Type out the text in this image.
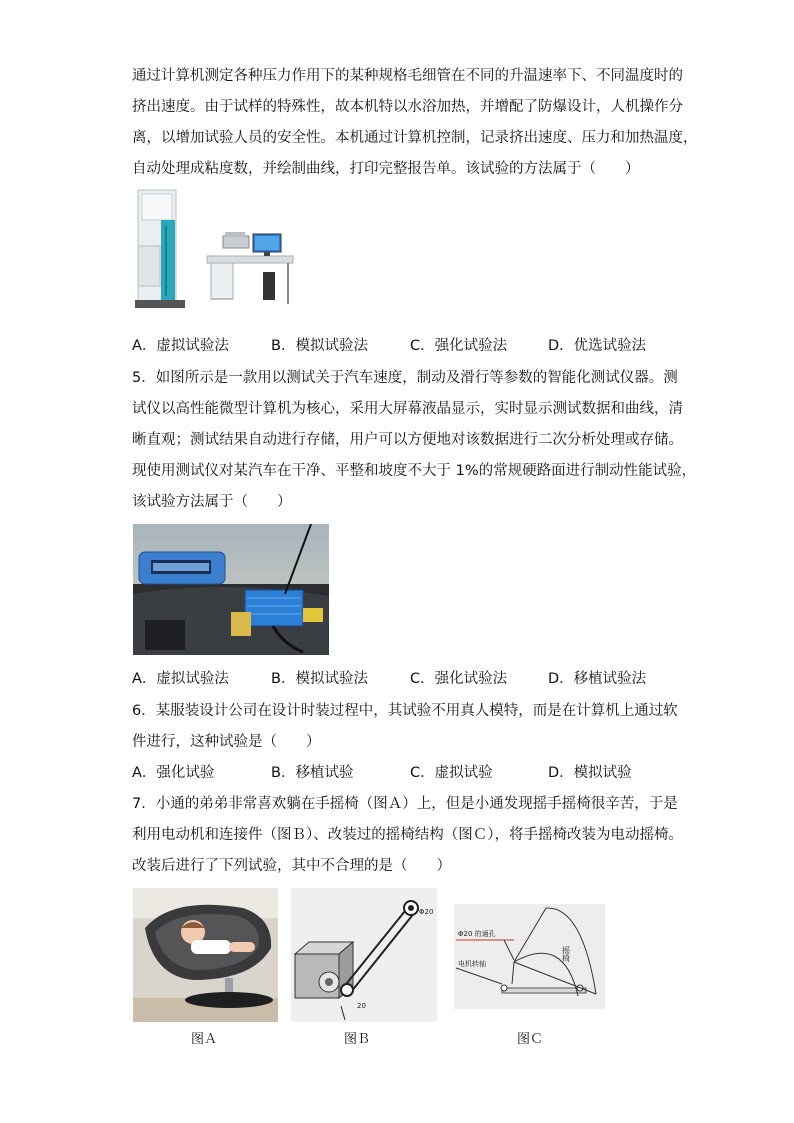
通过计算机测定各种压力作用下的某种规格毛细管在不同的升温速率下、不同温度时的
挤出速度。由于试样的特殊性，故本机特以水浴加热，并增配了防爆设计，人机操作分
离，以增加试验人员的安全性。本机通过计算机控制，记录挤出速度、压力和加热温度，
自动处理成粘度数，并绘制曲线，打印完整报告单。该试验的方法属于（　　）
A．虚拟试验法	B．模拟试验法	C．强化试验法	D．优选试验法
5．如图所示是一款用以测试关于汽车速度，制动及滑行等参数的智能化测试仪器。测
试仪以高性能微型计算机为核心，采用大屏幕液晶显示，实时显示测试数据和曲线，清
晰直观；测试结果自动进行存储，用户可以方便地对该数据进行二次分析处理或存储。
现使用测试仪对某汽车在干净、平整和坡度不大于 1%的常规硬路面进行制动性能试验，
该试验方法属于（　　）
A．虚拟试验法	B．模拟试验法	C．强化试验法	D．移植试验法
6．某服装设计公司在设计时装过程中，其试验不用真人模特，而是在计算机上通过软
件进行，这种试验是（　　）
A．强化试验	B．移植试验	C．虚拟试验	D．模拟试验
7．小通的弟弟非常喜欢躺在手摇椅（图Ａ）上，但是小通发现摇手摇椅很辛苦，于是
利用电动机和连接件（图Ｂ）、改装过的摇椅结构（图Ｃ），将手摇椅改装为电动摇椅。
改装后进行了下列试验，其中不合理的是（　　）
Φ20
20
Φ20 的通孔
电机转轴
摇椅
图Ａ	图Ｂ	图Ｃ
